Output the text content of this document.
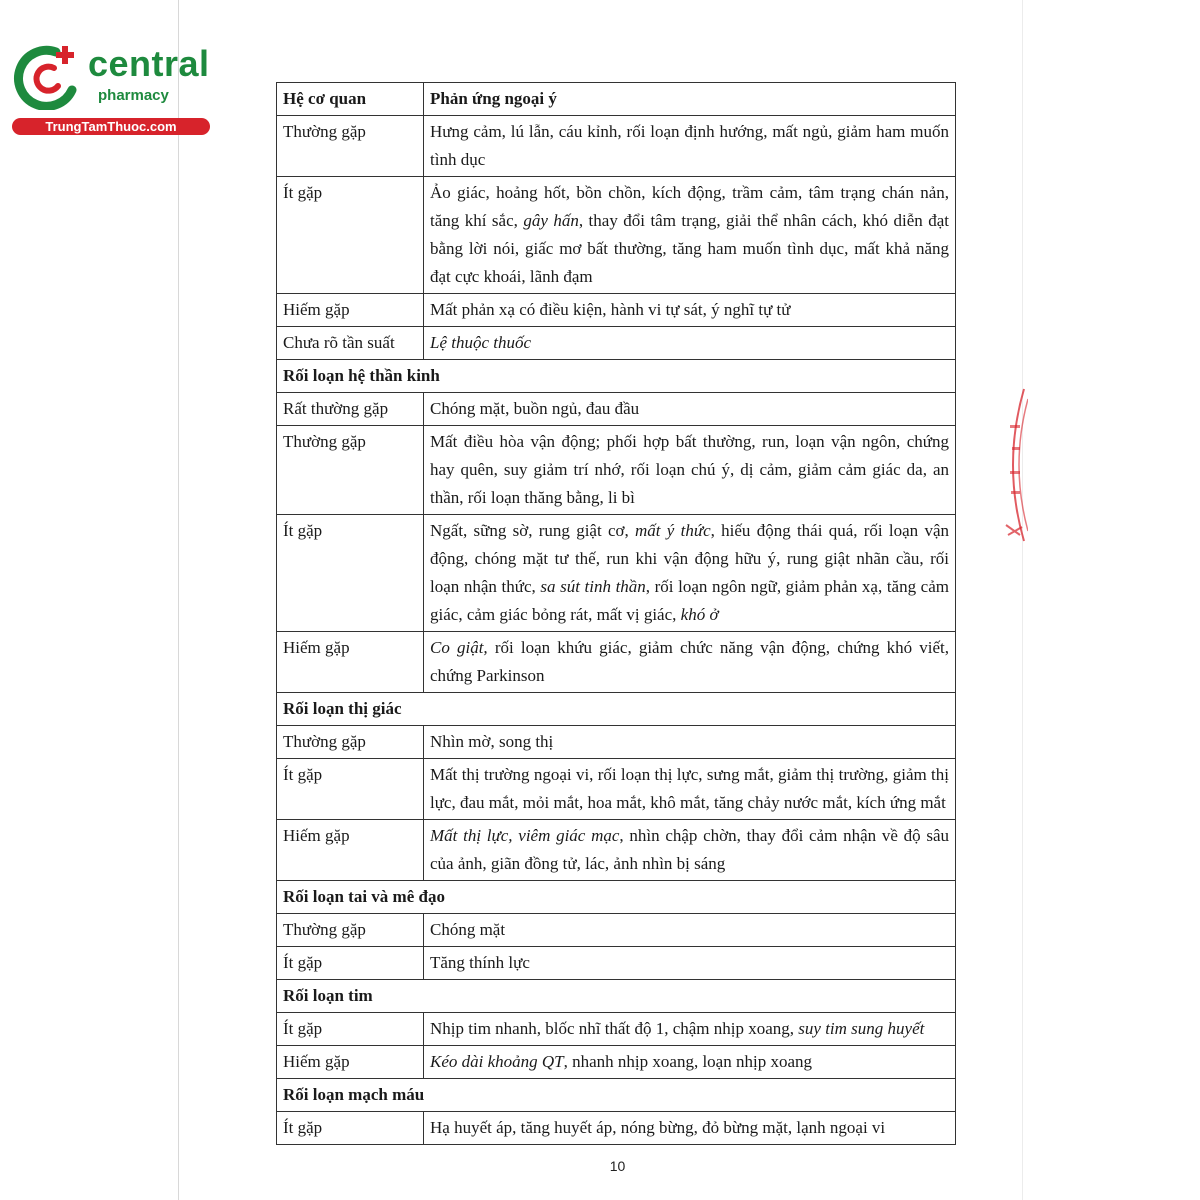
central
pharmacy
TrungTamThuoc.com
Hệ cơ quan	Phản ứng ngoại ý
Thường gặp	Hưng cảm, lú lẫn, cáu kỉnh, rối loạn định hướng, mất ngủ, giảm ham muốn tình dục
Ít gặp	Ảo giác, hoảng hốt, bồn chồn, kích động, trầm cảm, tâm trạng chán nản, tăng khí sắc, gây hấn, thay đổi tâm trạng, giải thể nhân cách, khó diễn đạt bằng lời nói, giấc mơ bất thường, tăng ham muốn tình dục, mất khả năng đạt cực khoái, lãnh đạm
Hiếm gặp	Mất phản xạ có điều kiện, hành vi tự sát, ý nghĩ tự tử
Chưa rõ tần suất	Lệ thuộc thuốc
Rối loạn hệ thần kinh	
Rất thường gặp	Chóng mặt, buồn ngủ, đau đầu
Thường gặp	Mất điều hòa vận động; phối hợp bất thường, run, loạn vận ngôn, chứng hay quên, suy giảm trí nhớ, rối loạn chú ý, dị cảm, giảm cảm giác da, an thần, rối loạn thăng bằng, li bì
Ít gặp	Ngất, sững sờ, rung giật cơ, mất ý thức, hiếu động thái quá, rối loạn vận động, chóng mặt tư thế, run khi vận động hữu ý, rung giật nhãn cầu, rối loạn nhận thức, sa sút tinh thần, rối loạn ngôn ngữ, giảm phản xạ, tăng cảm giác, cảm giác bỏng rát, mất vị giác, khó ở
Hiếm gặp	Co giật, rối loạn khứu giác, giảm chức năng vận động, chứng khó viết, chứng Parkinson
Rối loạn thị giác	
Thường gặp	Nhìn mờ, song thị
Ít gặp	Mất thị trường ngoại vi, rối loạn thị lực, sưng mắt, giảm thị trường, giảm thị lực, đau mắt, mỏi mắt, hoa mắt, khô mắt, tăng chảy nước mắt, kích ứng mắt
Hiếm gặp	Mất thị lực, viêm giác mạc, nhìn chập chờn, thay đổi cảm nhận về độ sâu của ảnh, giãn đồng tử, lác, ảnh nhìn bị sáng
Rối loạn tai và mê đạo	
Thường gặp	Chóng mặt
Ít gặp	Tăng thính lực
Rối loạn tim	
Ít gặp	Nhịp tim nhanh, blốc nhĩ thất độ 1, chậm nhịp xoang, suy tim sung huyết
Hiếm gặp	Kéo dài khoảng QT, nhanh nhịp xoang, loạn nhịp xoang
Rối loạn mạch máu	
Ít gặp	Hạ huyết áp, tăng huyết áp, nóng bừng, đỏ bừng mặt, lạnh ngoại vi
10
